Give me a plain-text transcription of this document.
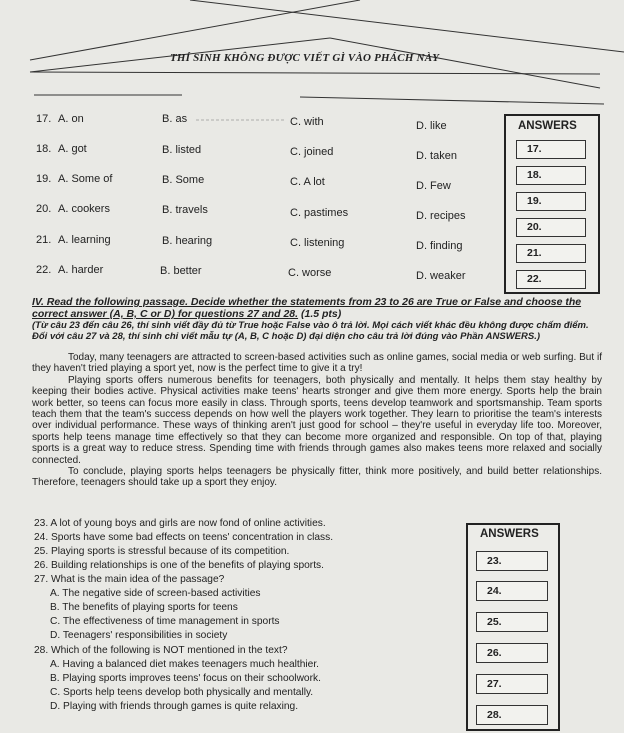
THÍ SINH KHÔNG ĐƯỢC VIẾT GÌ VÀO PHÁCH NÀY
17. A. on	B. as	C. with	D. like
18. A. got	B. listed	C. joined	D. taken
19. A. Some of	B. Some	C. A lot	D. Few
20. A. cookers	B. travels	C. pastimes	D. recipes
21. A. learning	B. hearing	C. listening	D. finding
22. A. harder	B. better	C. worse	D. weaker
ANSWERS
17.
18.
19.
20.
21.
22.
IV. Read the following passage. Decide whether the statements from 23 to 26 are True or False and choose the correct answer (A, B, C or D) for questions 27 and 28. (1.5 pts)
(Từ câu 23 đến câu 26, thí sinh viết đầy đủ từ True hoặc False vào ô trả lời. Mọi cách viết khác đều không được chấm điểm. Đối với câu 27 và 28, thí sinh chỉ viết mẫu tự (A, B, C hoặc D) đại diện cho câu trả lời đúng vào Phần ANSWERS.)

Today, many teenagers are attracted to screen-based activities such as online games, social media or web surfing. But if they haven't tried playing a sport yet, now is the perfect time to give it a try!

Playing sports offers numerous benefits for teenagers, both physically and mentally. It helps them stay healthy by keeping their bodies active. Physical activities make teens' hearts stronger and give them more energy. Sports help the brain work better, so teens can focus more easily in class. Through sports, teens develop teamwork and sportsmanship. Team sports teach them that the team's success depends on how well the players work together. They learn to prioritise the team's interests over individual performance. These ways of thinking aren't just good for school – they're useful in everyday life too. Moreover, sports help teens manage time effectively so that they can become more organized and responsible. On top of that, playing sports is a great way to reduce stress. Spending time with friends through games also makes teens more relaxed and socially connected.

To conclude, playing sports helps teenagers be physically fitter, think more positively, and build better relationships. Therefore, teenagers should take up a sport they enjoy.

23. A lot of young boys and girls are now fond of online activities.
24. Sports have some bad effects on teens' concentration in class.
25. Playing sports is stressful because of its competition.
26. Building relationships is one of the benefits of playing sports.
27. What is the main idea of the passage?
A. The negative side of screen-based activities
B. The benefits of playing sports for teens
C. The effectiveness of time management in sports
D. Teenagers' responsibilities in society
28. Which of the following is NOT mentioned in the text?
A. Having a balanced diet makes teenagers much healthier.
B. Playing sports improves teens' focus on their schoolwork.
C. Sports help teens develop both physically and mentally.
D. Playing with friends through games is quite relaxing.
ANSWERS
23.
24.
25.
26.
27.
28.
